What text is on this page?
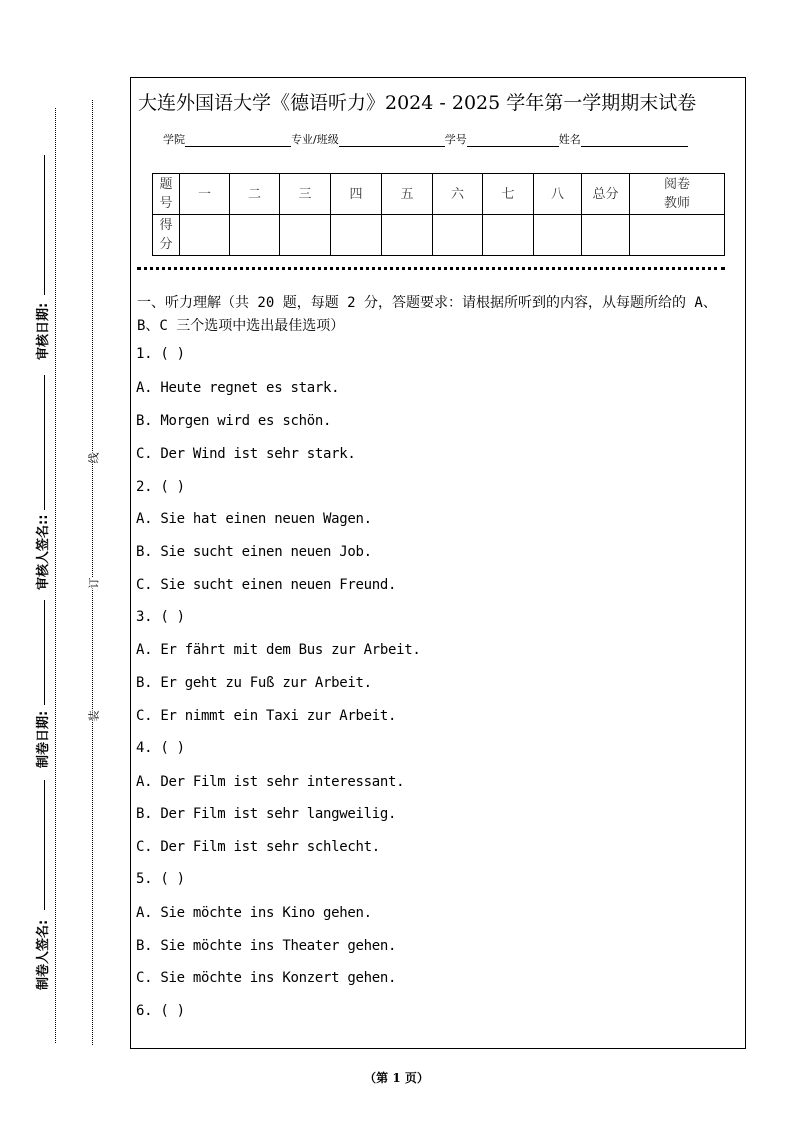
审核日期:
审核人签名::
制卷日期:
制卷人签名:
线
订
装
大连外国语大学《德语听力》2024 - 2025 学年第一学期期末试卷
学院	专业/班级	学号	姓名
题号	一	二	三	四	五	六	七	八	总分	阅卷教师
得分										
一、听力理解（共 20 题，每题 2 分，答题要求：请根据所听到的内容，从每题所给的 A、B、C 三个选项中选出最佳选项）
1. ( )
A. Heute regnet es stark.
B. Morgen wird es schön.
C. Der Wind ist sehr stark.
2. ( )
A. Sie hat einen neuen Wagen.
B. Sie sucht einen neuen Job.
C. Sie sucht einen neuen Freund.
3. ( )
A. Er fährt mit dem Bus zur Arbeit.
B. Er geht zu Fuß zur Arbeit.
C. Er nimmt ein Taxi zur Arbeit.
4. ( )
A. Der Film ist sehr interessant.
B. Der Film ist sehr langweilig.
C. Der Film ist sehr schlecht.
5. ( )
A. Sie möchte ins Kino gehen.
B. Sie möchte ins Theater gehen.
C. Sie möchte ins Konzert gehen.
6. ( )
（第 1 页）
